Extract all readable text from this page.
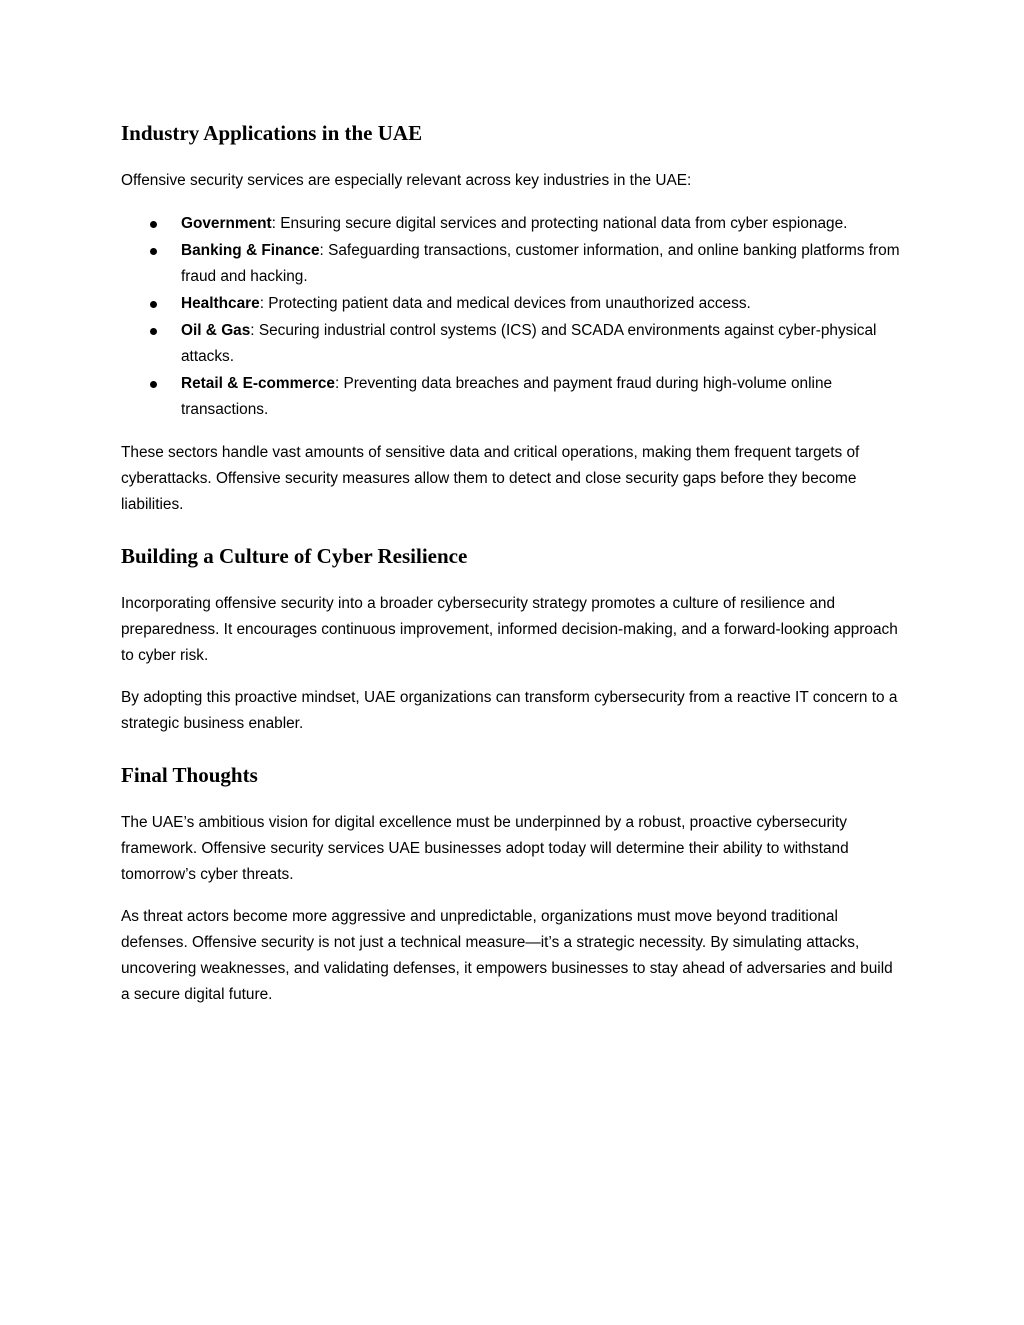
Industry Applications in the UAE

Offensive security services are especially relevant across key industries in the UAE:

Government: Ensuring secure digital services and protecting national data from cyber espionage.
Banking & Finance: Safeguarding transactions, customer information, and online banking platforms from fraud and hacking.
Healthcare: Protecting patient data and medical devices from unauthorized access.
Oil & Gas: Securing industrial control systems (ICS) and SCADA environments against cyber-physical attacks.
Retail & E-commerce: Preventing data breaches and payment fraud during high-volume online transactions.

These sectors handle vast amounts of sensitive data and critical operations, making them frequent targets of cyberattacks. Offensive security measures allow them to detect and close security gaps before they become liabilities.

Building a Culture of Cyber Resilience

Incorporating offensive security into a broader cybersecurity strategy promotes a culture of resilience and preparedness. It encourages continuous improvement, informed decision-making, and a forward-looking approach to cyber risk.

By adopting this proactive mindset, UAE organizations can transform cybersecurity from a reactive IT concern to a strategic business enabler.

Final Thoughts

The UAE’s ambitious vision for digital excellence must be underpinned by a robust, proactive cybersecurity framework. Offensive security services UAE businesses adopt today will determine their ability to withstand tomorrow’s cyber threats.

As threat actors become more aggressive and unpredictable, organizations must move beyond traditional defenses. Offensive security is not just a technical measure—it’s a strategic necessity. By simulating attacks, uncovering weaknesses, and validating defenses, it empowers businesses to stay ahead of adversaries and build a secure digital future.
